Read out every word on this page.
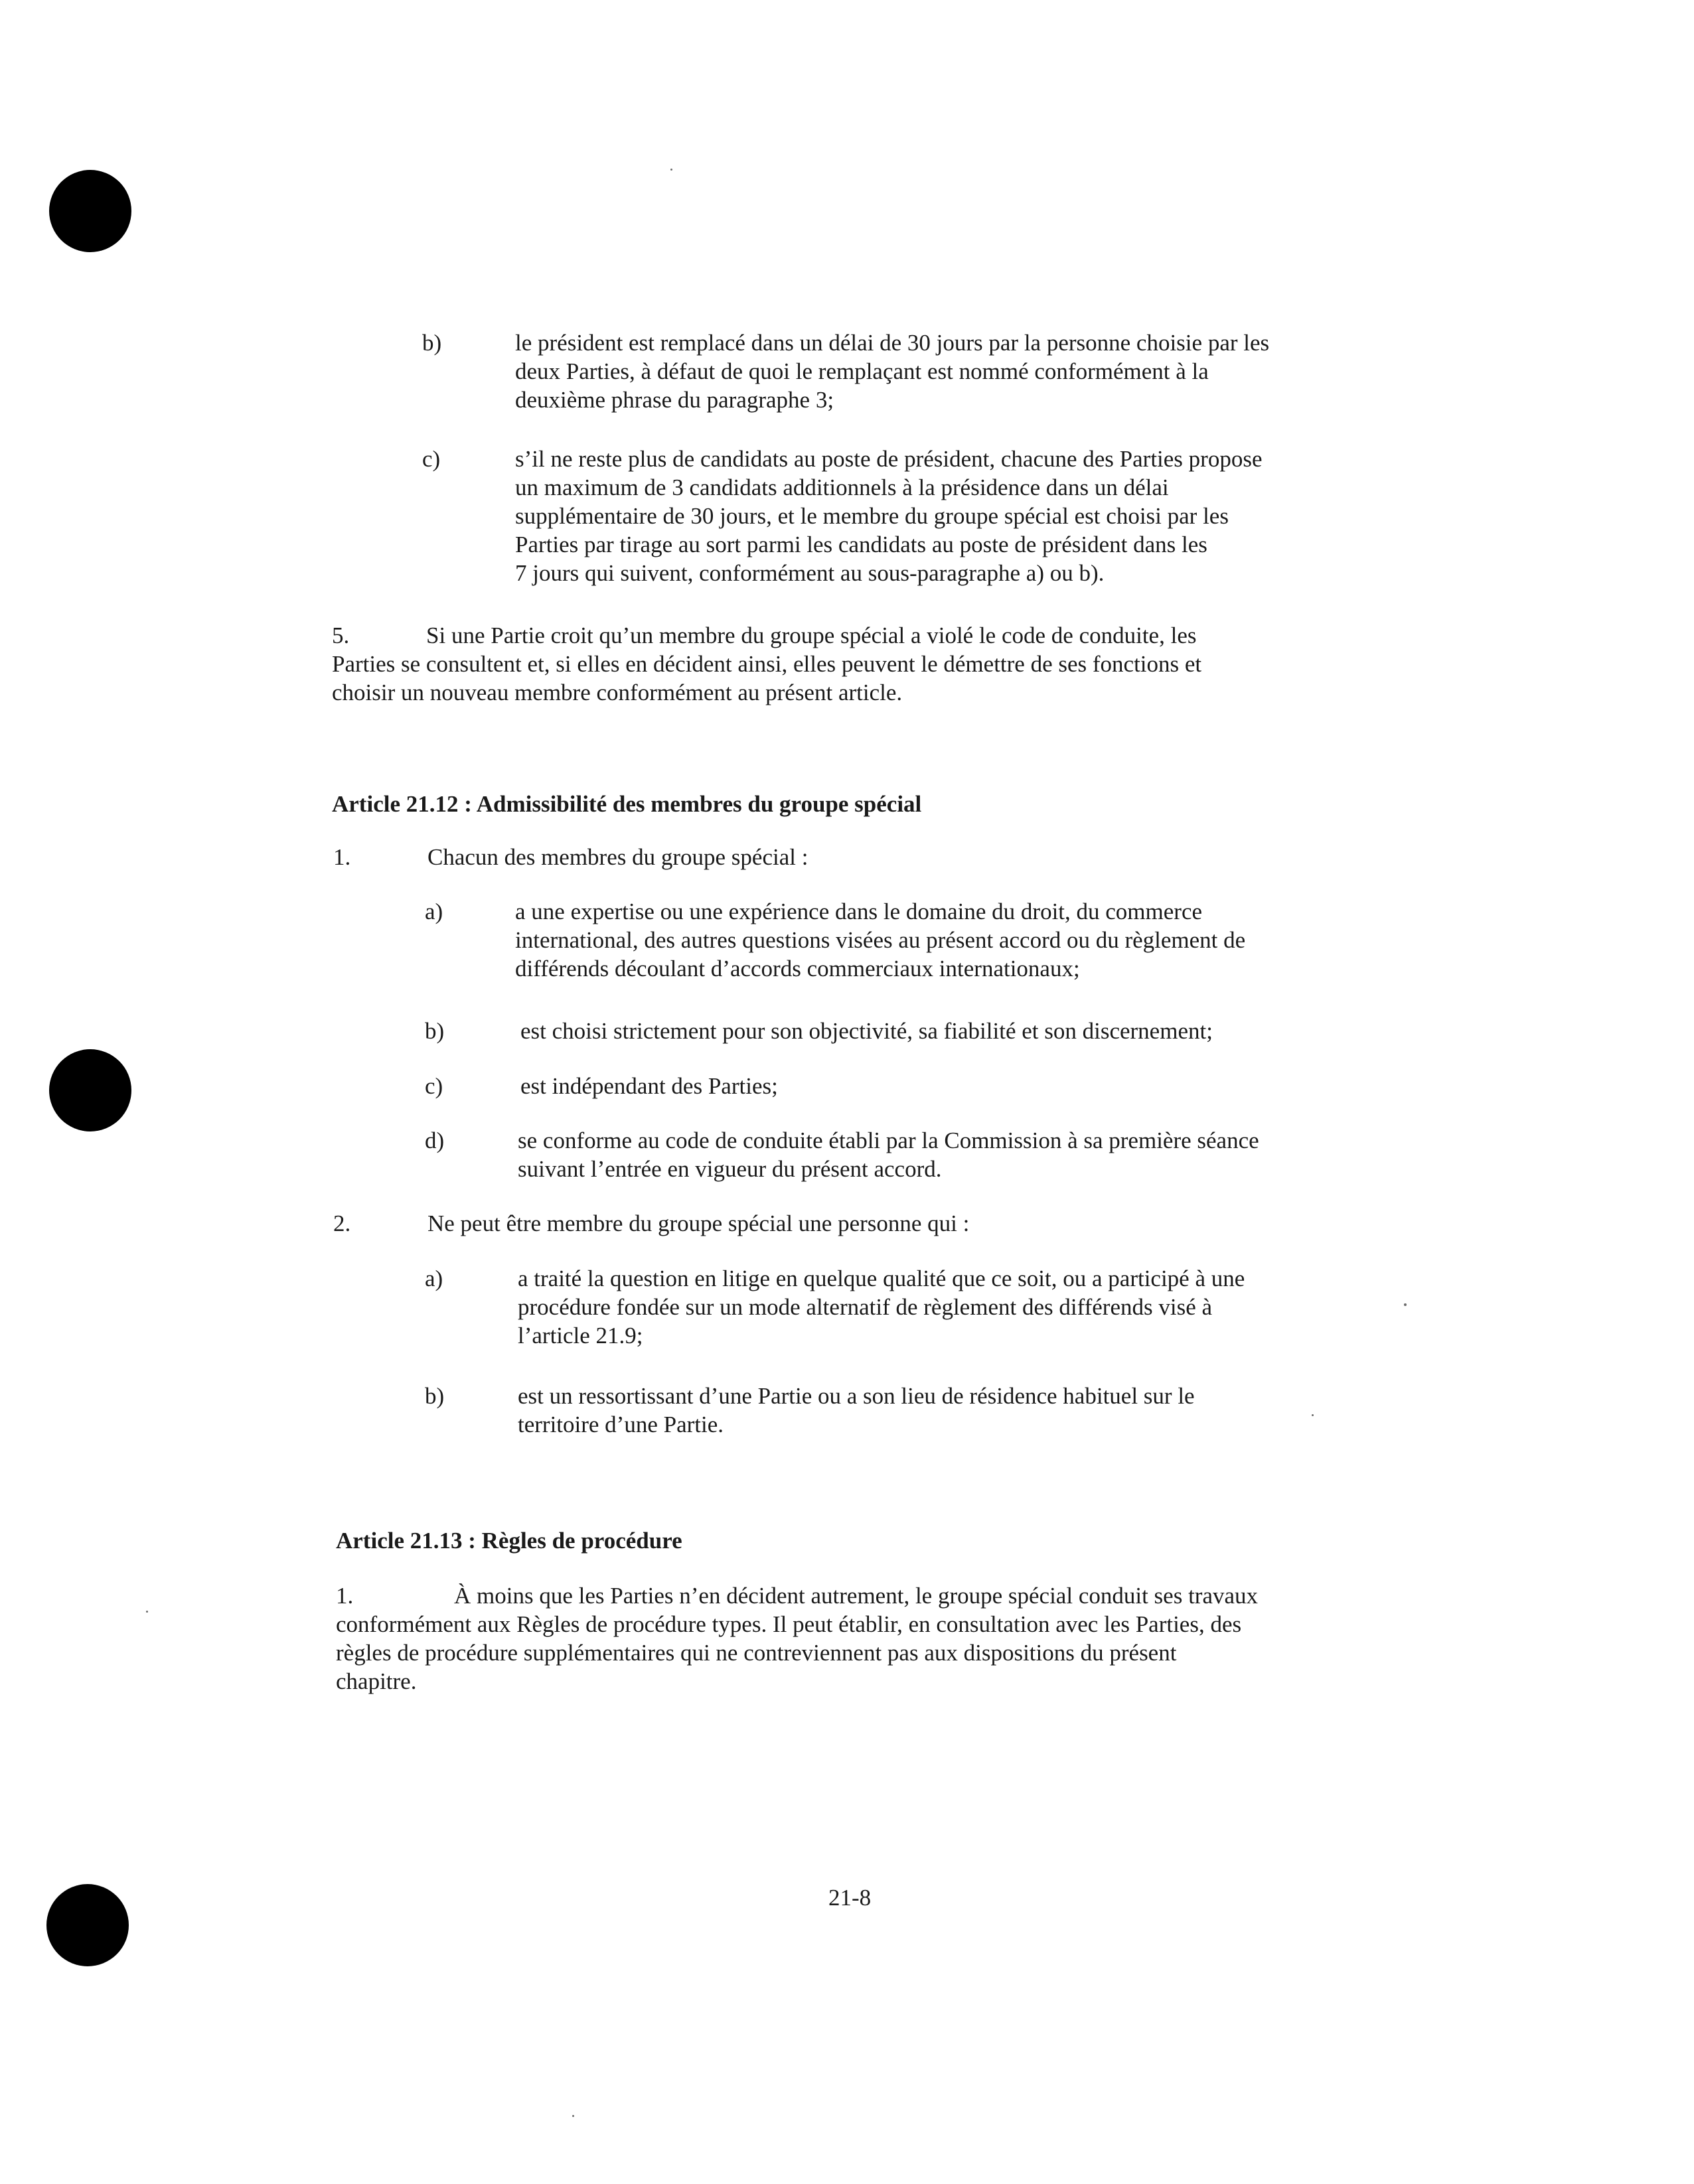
b)	le président est remplacé dans un délai de 30 jours par la personne choisie par les
deux Parties, à défaut de quoi le remplaçant est nommé conformément à la
deuxième phrase du paragraphe 3;
c)	s’il ne reste plus de candidats au poste de président, chacune des Parties propose
un maximum de 3 candidats additionnels à la présidence dans un délai
supplémentaire de 30 jours, et le membre du groupe spécial est choisi par les
Parties par tirage au sort parmi les candidats au poste de président dans les
7 jours qui suivent, conformément au sous-paragraphe a) ou b).
5.	Si une Partie croit qu’un membre du groupe spécial a violé le code de conduite, les
Parties se consultent et, si elles en décident ainsi, elles peuvent le démettre de ses fonctions et
choisir un nouveau membre conformément au présent article.
Article 21.12 : Admissibilité des membres du groupe spécial
1.	Chacun des membres du groupe spécial :
a)	a une expertise ou une expérience dans le domaine du droit, du commerce
international, des autres questions visées au présent accord ou du règlement de
différends découlant d’accords commerciaux internationaux;
b)	est choisi strictement pour son objectivité, sa fiabilité et son discernement;
c)	est indépendant des Parties;
d)	se conforme au code de conduite établi par la Commission à sa première séance
suivant l’entrée en vigueur du présent accord.
2.	Ne peut être membre du groupe spécial une personne qui :
a)	a traité la question en litige en quelque qualité que ce soit, ou a participé à une
procédure fondée sur un mode alternatif de règlement des différends visé à
l’article 21.9;
b)	est un ressortissant d’une Partie ou a son lieu de résidence habituel sur le
territoire d’une Partie.
Article 21.13 : Règles de procédure
1.	À moins que les Parties n’en décident autrement, le groupe spécial conduit ses travaux
conformément aux Règles de procédure types. Il peut établir, en consultation avec les Parties, des
règles de procédure supplémentaires qui ne contreviennent pas aux dispositions du présent
chapitre.
21-8
